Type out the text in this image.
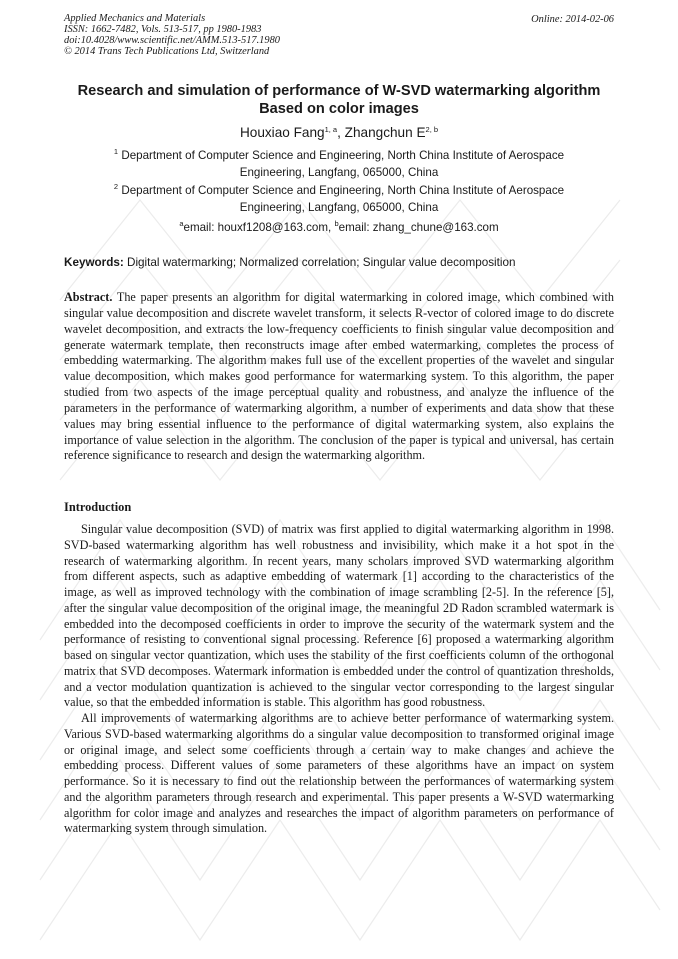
Applied Mechanics and Materials
ISSN: 1662-7482, Vols. 513-517, pp 1980-1983
doi:10.4028/www.scientific.net/AMM.513-517.1980
© 2014 Trans Tech Publications Ltd, Switzerland
Online: 2014-02-06
Research and simulation of performance of W-SVD watermarking algorithm Based on color images
Houxiao Fang$^{1, a}$, Zhangchun E$^{2, b}$
$^1$ Department of Computer Science and Engineering, North China Institute of Aerospace Engineering, Langfang, 065000, China
$^2$ Department of Computer Science and Engineering, North China Institute of Aerospace Engineering, Langfang, 065000, China
$^a$email: houxf1208@163.com, $^b$email: zhang_chune@163.com
Keywords: Digital watermarking; Normalized correlation; Singular value decomposition
Abstract. The paper presents an algorithm for digital watermarking in colored image, which combined with singular value decomposition and discrete wavelet transform, it selects R-vector of colored image to do discrete wavelet decomposition, and extracts the low-frequency coefficients to finish singular value decomposition and generate watermark template, then reconstructs image after embed watermarking, completes the process of embedding watermarking. The algorithm makes full use of the excellent properties of the wavelet and singular value decomposition, which makes good performance for watermarking system. To this algorithm, the paper studied from two aspects of the image perceptual quality and robustness, and analyze the influence of the parameters in the performance of watermarking algorithm, a number of experiments and data show that these values may bring essential influence to the performance of digital watermarking system, also explains the importance of value selection in the algorithm. The conclusion of the paper is typical and universal, has certain reference significance to research and design the watermarking algorithm.
Introduction

Singular value decomposition (SVD) of matrix was first applied to digital watermarking algorithm in 1998. SVD-based watermarking algorithm has well robustness and invisibility, which make it a hot spot in the research of watermarking algorithm. In recent years, many scholars improved SVD watermarking algorithm from different aspects, such as adaptive embedding of watermark [1] according to the characteristics of the image, as well as improved technology with the combination of image scrambling [2-5]. In the reference [5], after the singular value decomposition of the original image, the meaningful 2D Radon scrambled watermark is embedded into the decomposed coefficients in order to improve the security of the watermark system and the performance of resisting to conventional signal processing. Reference [6] proposed a watermarking algorithm based on singular vector quantization, which uses the stability of the first coefficients column of the orthogonal matrix that SVD decomposes. Watermark information is embedded under the control of quantization thresholds, and a vector modulation quantization is achieved to the singular vector corresponding to the largest singular value, so that the embedded information is stable. This algorithm has good robustness.

All improvements of watermarking algorithms are to achieve better performance of watermarking system. Various SVD-based watermarking algorithms do a singular value decomposition to transformed original image or original image, and select some coefficients through a certain way to make changes and achieve the embedding process. Different values of some parameters of these algorithms have an impact on system performance. So it is necessary to find out the relationship between the performances of watermarking system and the algorithm parameters through research and experimental. This paper presents a W-SVD watermarking algorithm for color image and analyzes and researches the impact of algorithm parameters on performance of watermarking system through simulation.
